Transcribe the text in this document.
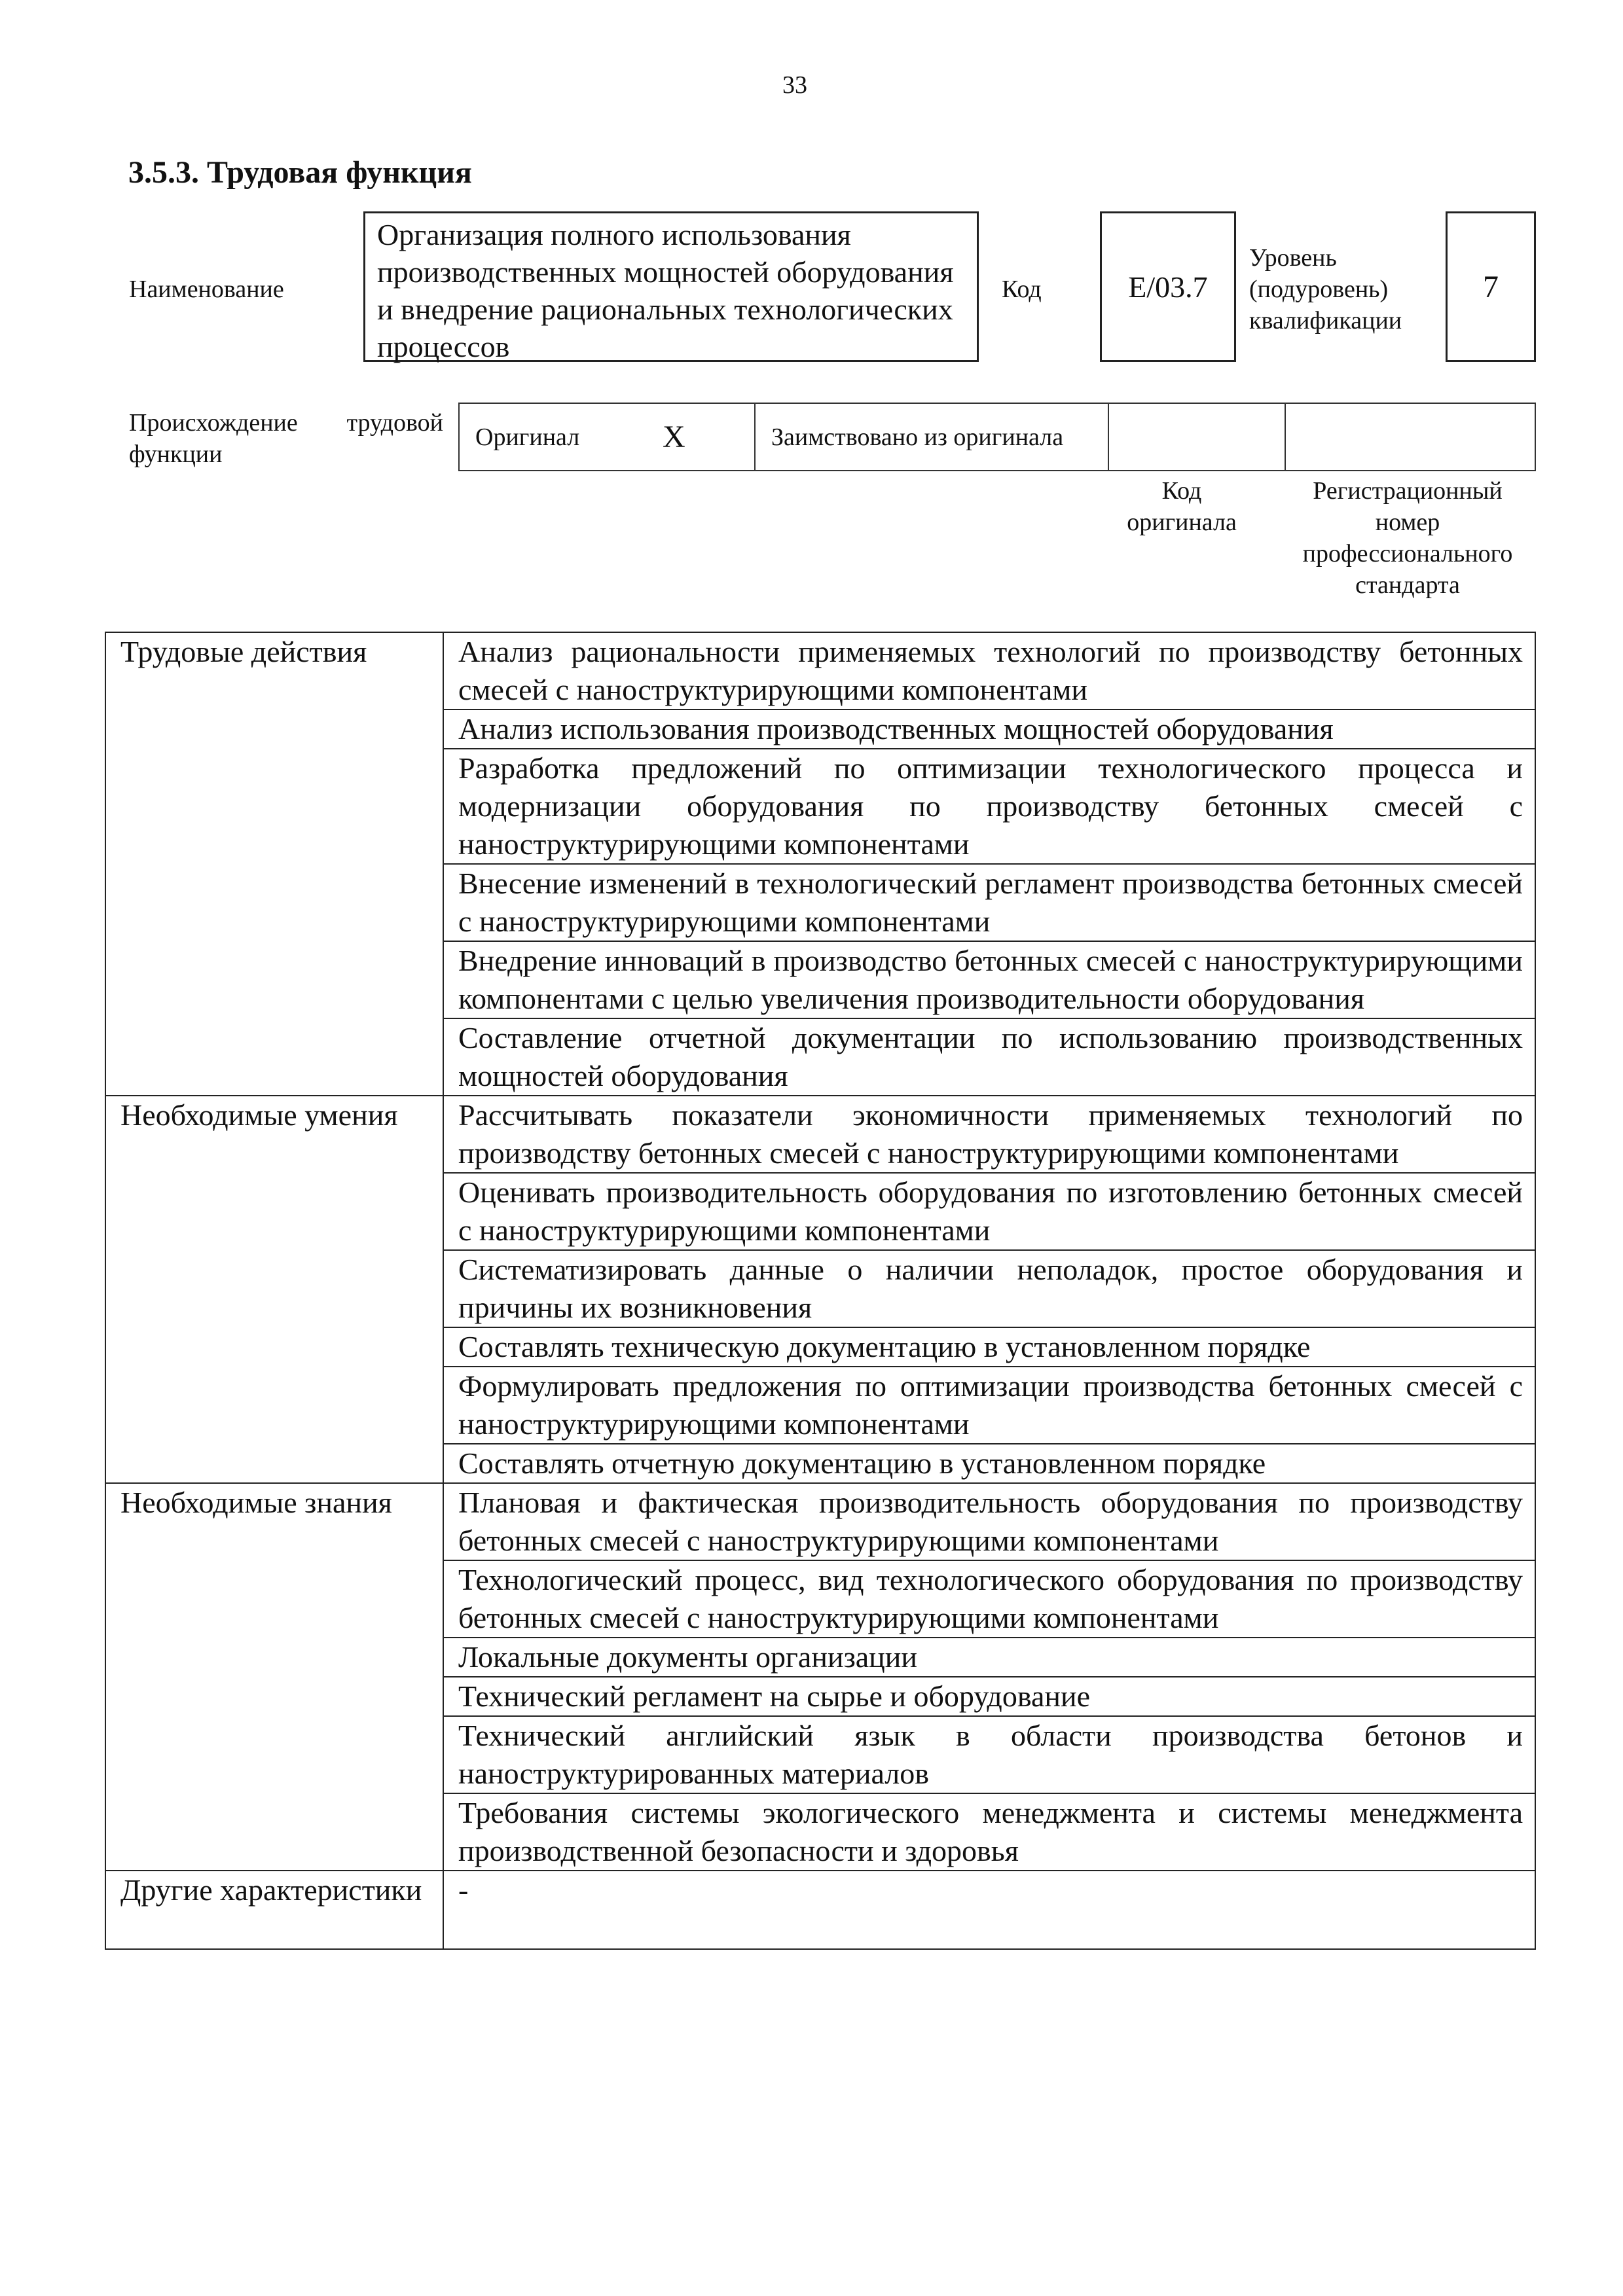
33
3.5.3. Трудовая функция
Наименование
Организация полного использования производственных мощностей оборудования и внедрение рациональных технологических процессов
Код	E/03.7
Уровень
(подуровень)
квалификации
7
Происхождение трудовой функции
Оригинал	X	Заимствовано из оригинала
Код оригинала
Регистрационный номер профессионального стандарта
Трудовые действия	Анализ рациональности применяемых технологий по производству бетонных смесей с наноструктурирующими компонентами
	Анализ использования производственных мощностей оборудования
	Разработка предложений по оптимизации технологического процесса и модернизации оборудования по производству бетонных смесей с наноструктурирующими компонентами
	Внесение изменений в технологический регламент производства бетонных смесей с наноструктурирующими компонентами
	Внедрение инноваций в производство бетонных смесей с наноструктурирующими компонентами с целью увеличения производительности оборудования
	Составление отчетной документации по использованию производственных мощностей оборудования
Необходимые умения	Рассчитывать показатели экономичности применяемых технологий по производству бетонных смесей с наноструктурирующими компонентами
	Оценивать производительность оборудования по изготовлению бетонных смесей с наноструктурирующими компонентами
	Систематизировать данные о наличии неполадок, простое оборудования и причины их возникновения
	Составлять техническую документацию в установленном порядке
	Формулировать предложения по оптимизации производства бетонных смесей с наноструктурирующими компонентами
	Составлять отчетную документацию в установленном порядке
Необходимые знания	Плановая и фактическая производительность оборудования по производству бетонных смесей с наноструктурирующими компонентами
	Технологический процесс, вид технологического оборудования по производству бетонных смесей с наноструктурирующими компонентами
	Локальные документы организации
	Технический регламент на сырье и оборудование
	Технический английский язык в области производства бетонов и наноструктурированных материалов
	Требования системы экологического менеджмента и системы менеджмента производственной безопасности и здоровья
Другие характеристики	-
